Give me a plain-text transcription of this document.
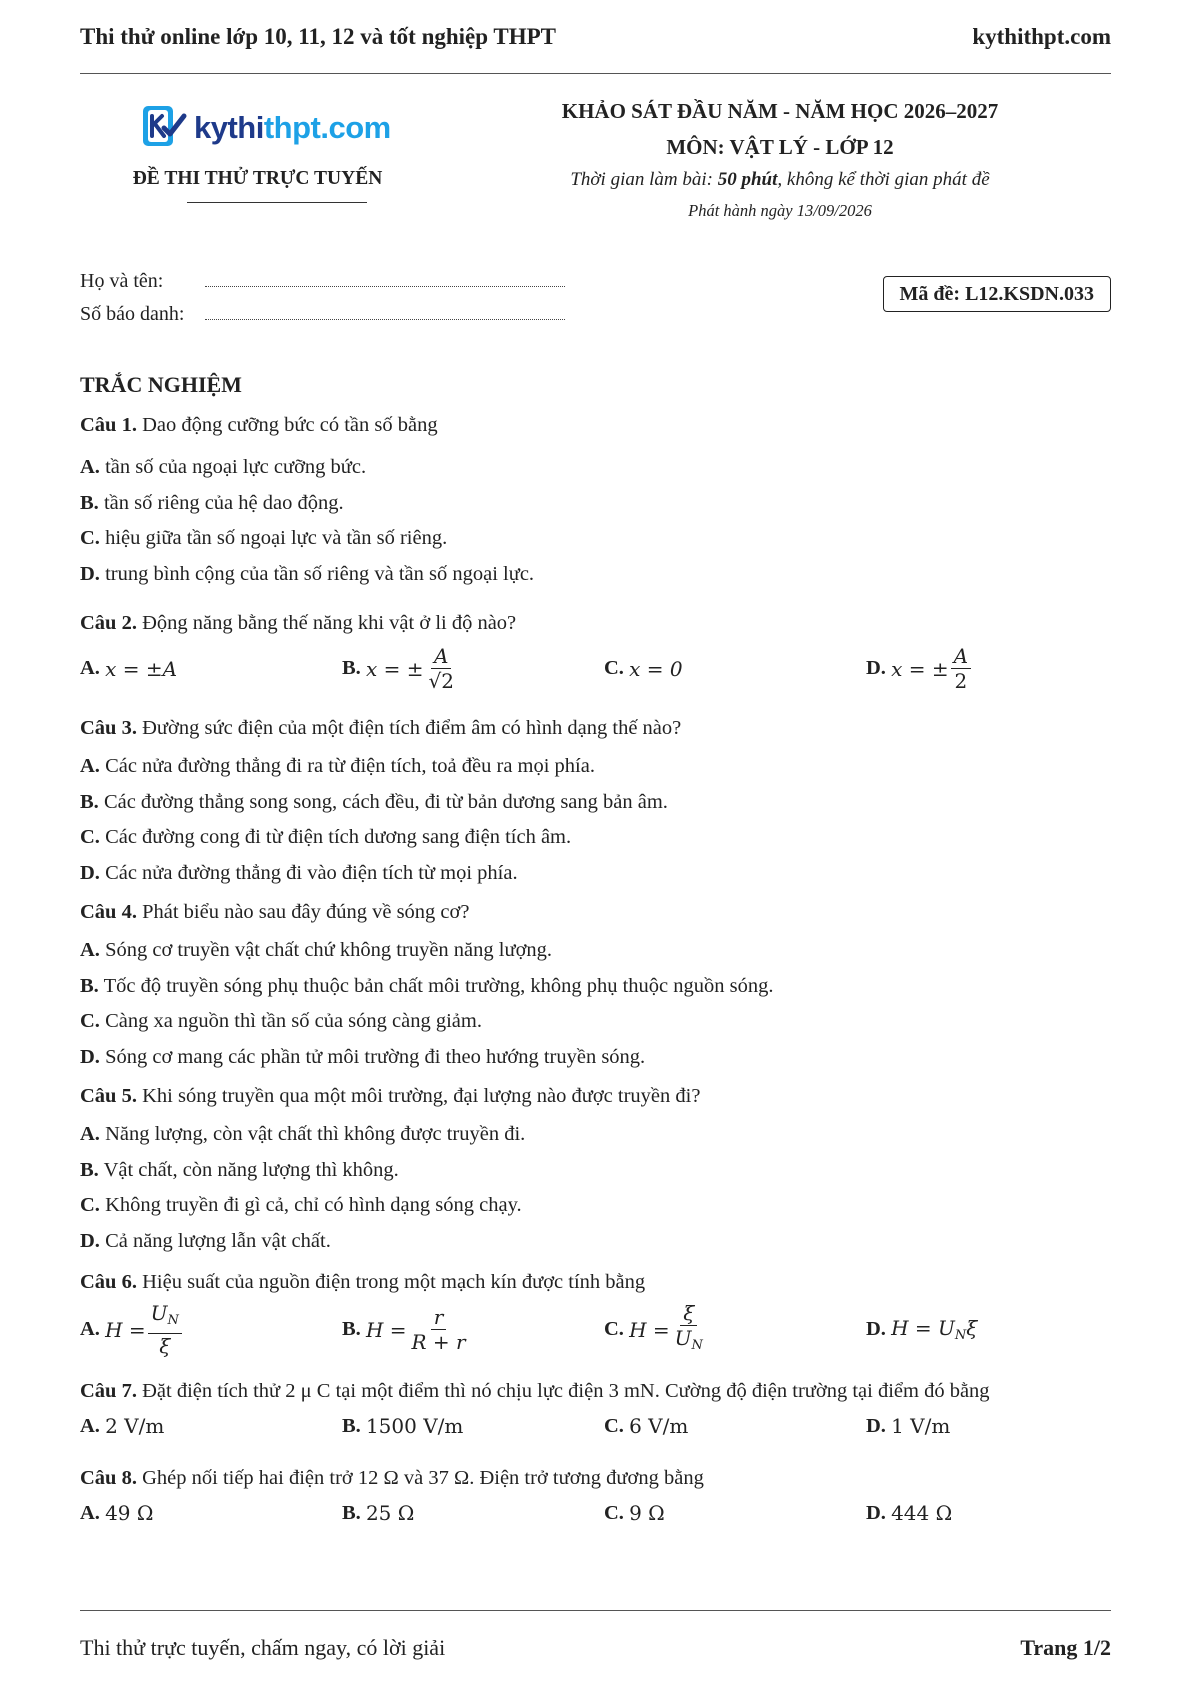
Thi thử online lớp 10, 11, 12 và tốt nghiệp THPT	kythithpt.com
kythithpt.com
ĐỀ THI THỬ TRỰC TUYẾN
KHẢO SÁT ĐẦU NĂM - NĂM HỌC 2026–2027
MÔN: VẬT LÝ - LỚP 12
Thời gian làm bài: 50 phút, không kể thời gian phát đề
Phát hành ngày 13/09/2026
Họ và tên:
Số báo danh:
Mã đề: L12.KSDN.033
TRẮC NGHIỆM
Câu 1. Dao động cưỡng bức có tần số bằng
A. tần số của ngoại lực cưỡng bức.
B. tần số riêng của hệ dao động.
C. hiệu giữa tần số ngoại lực và tần số riêng.
D. trung bình cộng của tần số riêng và tần số ngoại lực.
Câu 2. Động năng bằng thế năng khi vật ở li độ nào?
A.
x = ±A	B.
x = ± $\frac{A}{√2}$	C.
x = 0	D.
x = ± $\frac{A}{2}$
Câu 3. Đường sức điện của một điện tích điểm âm có hình dạng thế nào?
A. Các nửa đường thẳng đi ra từ điện tích, toả đều ra mọi phía.
B. Các đường thẳng song song, cách đều, đi từ bản dương sang bản âm.
C. Các đường cong đi từ điện tích dương sang điện tích âm.
D. Các nửa đường thẳng đi vào điện tích từ mọi phía.
Câu 4. Phát biểu nào sau đây đúng về sóng cơ?
A. Sóng cơ truyền vật chất chứ không truyền năng lượng.
B. Tốc độ truyền sóng phụ thuộc bản chất môi trường, không phụ thuộc nguồn sóng.
C. Càng xa nguồn thì tần số của sóng càng giảm.
D. Sóng cơ mang các phần tử môi trường đi theo hướng truyền sóng.
Câu 5. Khi sóng truyền qua một môi trường, đại lượng nào được truyền đi?
A. Năng lượng, còn vật chất thì không được truyền đi.
B. Vật chất, còn năng lượng thì không.
C. Không truyền đi gì cả, chỉ có hình dạng sóng chạy.
D. Cả năng lượng lẫn vật chất.
Câu 6. Hiệu suất của nguồn điện trong một mạch kín được tính bằng
A.
$H = \frac{U_N}{\xi}$	B.
$H = \frac{r}{R + r}$	C.
$H = \frac{\xi}{U_N}$	D.
$H = U_N\xi$
Câu 7. Đặt điện tích thử 2 μ C tại một điểm thì nó chịu lực điện 3 mN. Cường độ điện trường tại điểm đó bằng
A.
2 V/m	B.
1500 V/m	C.
6 V/m	D.
1 V/m
Câu 8. Ghép nối tiếp hai điện trở 12 Ω và 37 Ω. Điện trở tương đương bằng
A.
49 Ω	B.
25 Ω	C.
9 Ω	D.
444 Ω
Thi thử trực tuyến, chấm ngay, có lời giải	Trang 1/2
